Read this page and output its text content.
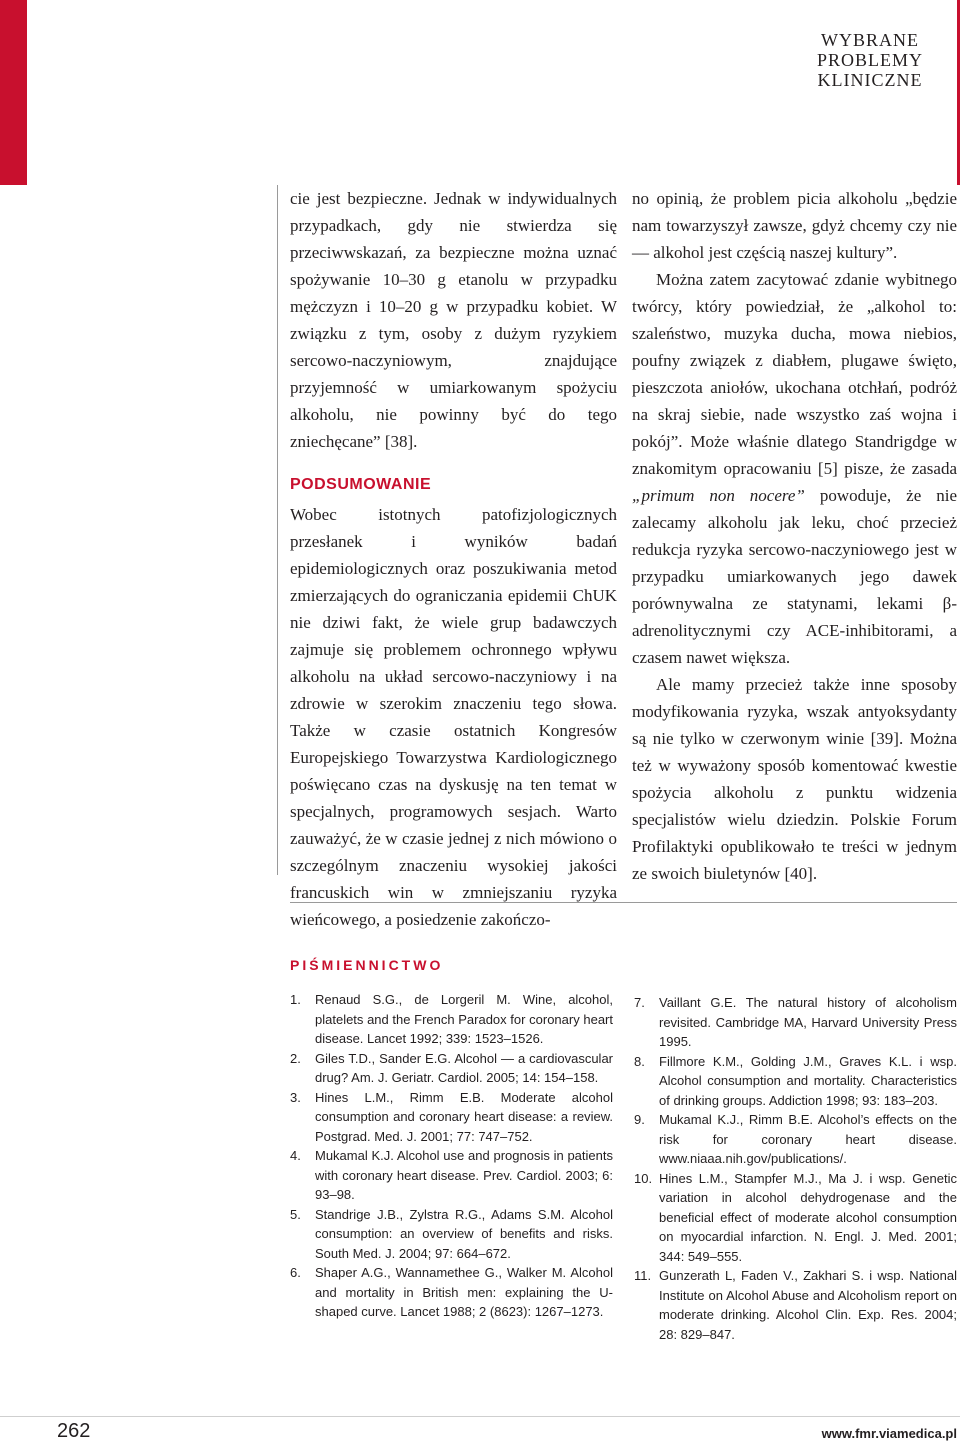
WYBRANE
PROBLEMY
KLINICZNE

cie jest bezpieczne. Jednak w indywidualnych przypadkach, gdy nie stwierdza się przeciwwskazań, za bezpieczne można uznać spożywanie 10–30 g etanolu w przypadku mężczyzn i 10–20 g w przypadku kobiet. W związku z tym, osoby z dużym ryzykiem sercowo-naczyniowym, znajdujące przyjemność w umiarkowanym spożyciu alkoholu, nie powinny być do tego zniechęcane” [38].

PODSUMOWANIE

Wobec istotnych patofizjologicznych przesłanek i wyników badań epidemiologicznych oraz poszukiwania metod zmierzających do ograniczania epidemii ChUK nie dziwi fakt, że wiele grup badawczych zajmuje się problemem ochronnego wpływu alkoholu na układ sercowo-naczyniowy i na zdrowie w szerokim znaczeniu tego słowa. Także w czasie ostatnich Kongresów Europejskiego Towarzystwa Kardiologicznego poświęcano czas na dyskusję na ten temat w specjalnych, programowych sesjach. Warto zauważyć, że w czasie jednej z nich mówiono o szczególnym znaczeniu wysokiej jakości francuskich win w zmniejszaniu ryzyka wieńcowego, a posiedzenie zakończo-

no opinią, że problem picia alkoholu „będzie nam towarzyszył zawsze, gdyż chcemy czy nie — alkohol jest częścią naszej kultury”.

Można zatem zacytować zdanie wybitnego twórcy, który powiedział, że „alkohol to: szaleństwo, muzyka ducha, mowa niebios, poufny związek z diabłem, plugawe święto, pieszczota aniołów, ukochana otchłań, podróż na skraj siebie, nade wszystko zaś wojna i pokój”. Może właśnie dlatego Standrigdge w znakomitym opracowaniu [5] pisze, że zasada „primum non nocere” powoduje, że nie zalecamy alkoholu jak leku, choć przecież redukcja ryzyka sercowo-naczyniowego jest w przypadku umiarkowanych jego dawek porównywalna ze statynami, lekami β-adrenolitycznymi czy ACE-inhibitorami, a czasem nawet większa.

Ale mamy przecież także inne sposoby modyfikowania ryzyka, wszak antyoksydanty są nie tylko w czerwonym winie [39]. Można też w wyważony sposób komentować kwestie spożycia alkoholu z punktu widzenia specjalistów wielu dziedzin. Polskie Forum Profilaktyki opublikowało te treści w jednym ze swoich biuletynów [40].

PIŚMIENNICTWO
1.	Renaud S.G., de Lorgeril M. Wine, alcohol, platelets and the French Paradox for coronary heart disease. Lancet 1992; 339: 1523–1526.
2.	Giles T.D., Sander E.G. Alcohol — a cardiovascular drug? Am. J. Geriatr. Cardiol. 2005; 14: 154–158.
3.	Hines L.M., Rimm E.B. Moderate alcohol consumption and coronary heart disease: a review. Postgrad. Med. J. 2001; 77: 747–752.
4.	Mukamal K.J. Alcohol use and prognosis in patients with coronary heart disease. Prev. Cardiol. 2003; 6: 93–98.
5.	Standrige J.B., Zylstra R.G., Adams S.M. Alcohol consumption: an overview of benefits and risks. South Med. J. 2004; 97: 664–672.
6.	Shaper A.G., Wannamethee G., Walker M. Alcohol and mortality in British men: explaining the U-shaped curve. Lancet 1988; 2 (8623): 1267–1273.
7.	Vaillant G.E. The natural history of alcoholism revisited. Cambridge MA, Harvard University Press 1995.
8.	Fillmore K.M., Golding J.M., Graves K.L. i wsp. Alcohol consumption and mortality. Characteristics of drinking groups. Addiction 1998; 93: 183–203.
9.	Mukamal K.J., Rimm B.E. Alcohol’s effects on the risk for coronary heart disease. www.niaaa.nih.gov/publications/.
10. Hines L.M., Stampfer M.J., Ma J. i wsp. Genetic variation in alcohol dehydrogenase and the beneficial effect of moderate alcohol consumption on myocardial infarction. N. Engl. J. Med. 2001; 344: 549–555.
11. Gunzerath L, Faden V., Zakhari S. i wsp. National Institute on Alcohol Abuse and Alcoholism report on moderate drinking. Alcohol Clin. Exp. Res. 2004; 28: 829–847.
262	www.fmr.viamedica.pl
